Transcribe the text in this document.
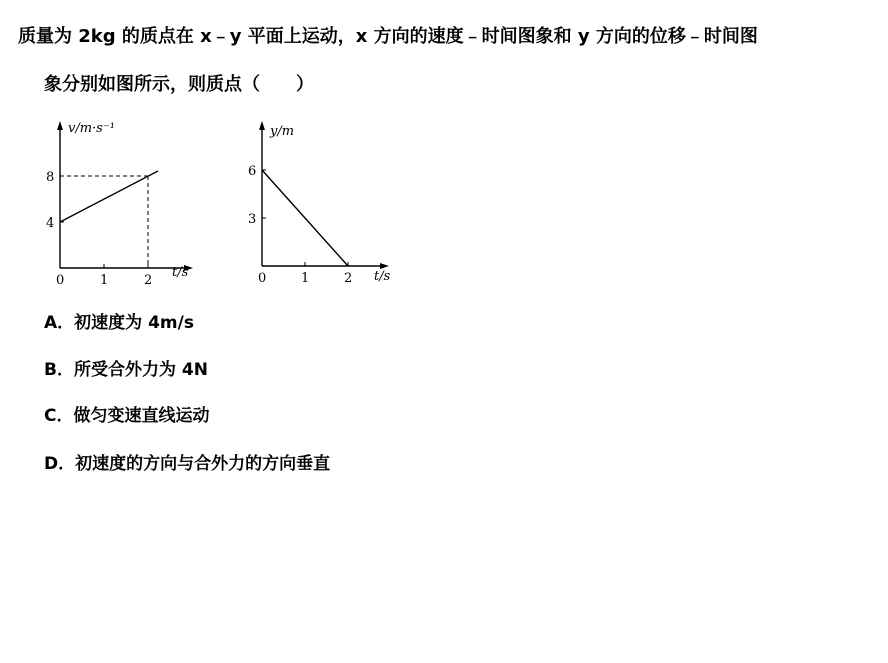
质量为 2kg 的质点在 x﹣y 平面上运动，x 方向的速度﹣时间图象和 y 方向的位移﹣时间图
象分别如图所示，则质点（　　）
v/m·s⁻¹
t/s
0	1	2
4
8
y/m
t/s
0	1	2
3
6
A．初速度为 4m/s
B．所受合外力为 4N
C．做匀变速直线运动
D．初速度的方向与合外力的方向垂直
